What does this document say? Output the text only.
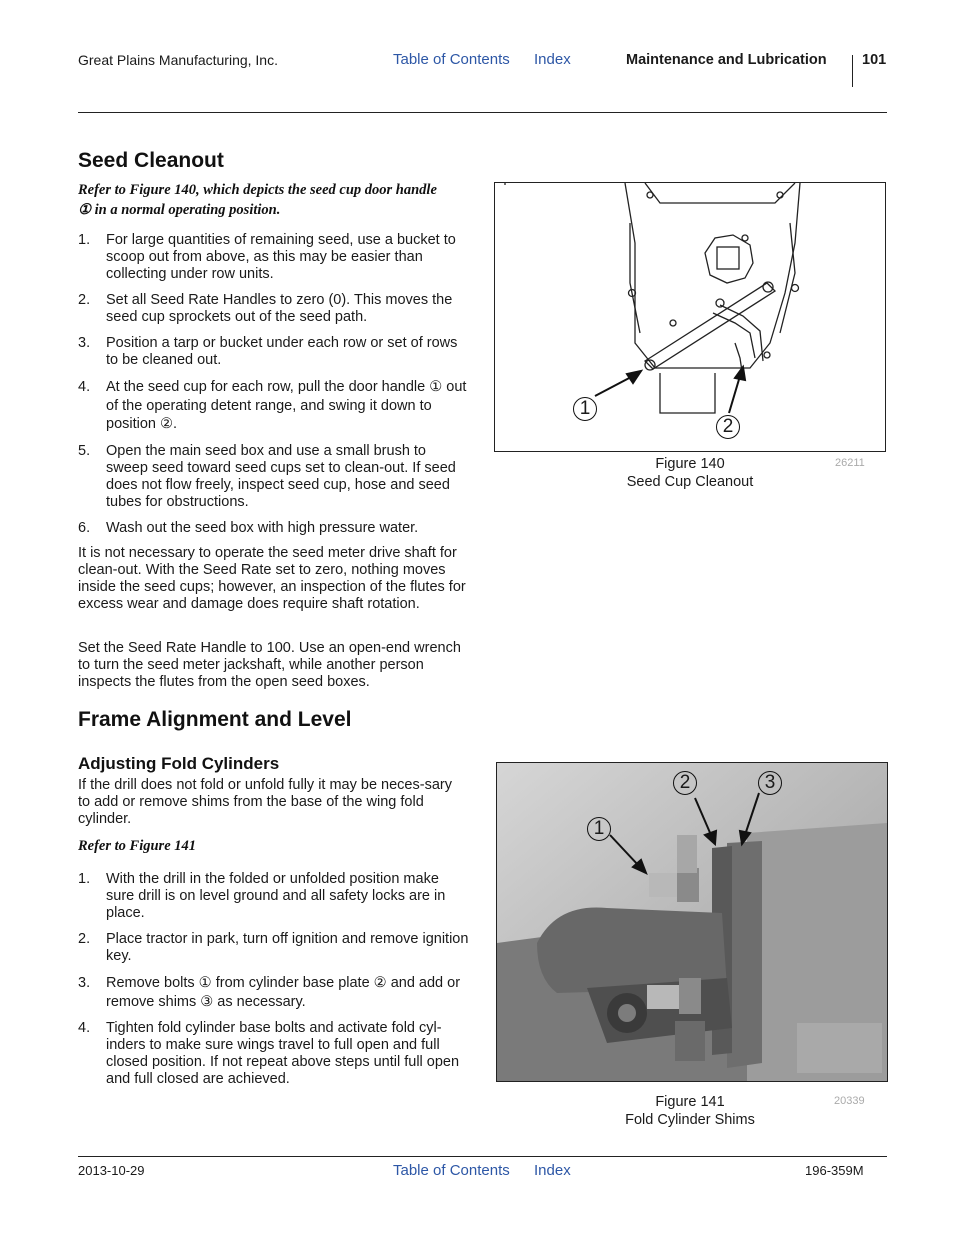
Great Plains Manufacturing, Inc.	Table of Contents Index	Maintenance and Lubrication 101
Seed Cleanout
Refer to Figure 140, which depicts the seed cup door handle
① in a normal operating position.
1. For large quantities of remaining seed, use a bucket to scoop out from above, as this may be easier than collecting under row units.
2. Set all Seed Rate Handles to zero (0). This moves the seed cup sprockets out of the seed path.
3. Position a tarp or bucket under each row or set of rows to be cleaned out.
4. At the seed cup for each row, pull the door handle ① out of the operating detent range, and swing it down to position ②.
5. Open the main seed box and use a small brush to sweep seed toward seed cups set to clean-out. If seed does not flow freely, inspect seed cup, hose and seed tubes for obstructions.
6. Wash out the seed box with high pressure water.
It is not necessary to operate the seed meter drive shaft for clean-out. With the Seed Rate set to zero, nothing moves inside the seed cups; however, an inspection of the flutes for excess wear and damage does require shaft rotation.
Set the Seed Rate Handle to 100. Use an open-end wrench to turn the seed meter jackshaft, while another person inspects the flutes from the open seed boxes.
1
2
Figure 140
Seed Cup Cleanout
26211
Frame Alignment and Level
Adjusting Fold Cylinders
If the drill does not fold or unfold fully it may be neces-sary to add or remove shims from the base of the wing fold cylinder.
Refer to Figure 141
1. With the drill in the folded or unfolded position make sure drill is on level ground and all safety locks are in place.
2. Place tractor in park, turn off ignition and remove ignition key.
3. Remove bolts ① from cylinder base plate ② and add or remove shims ③ as necessary.
4. Tighten fold cylinder base bolts and activate fold cyl-inders to make sure wings travel to full open and full closed position. If not repeat above steps until full open and full closed are achieved.
1
2	3
Figure 141
Fold Cylinder Shims
20339
2013-10-29	Table of Contents Index	196-359M
